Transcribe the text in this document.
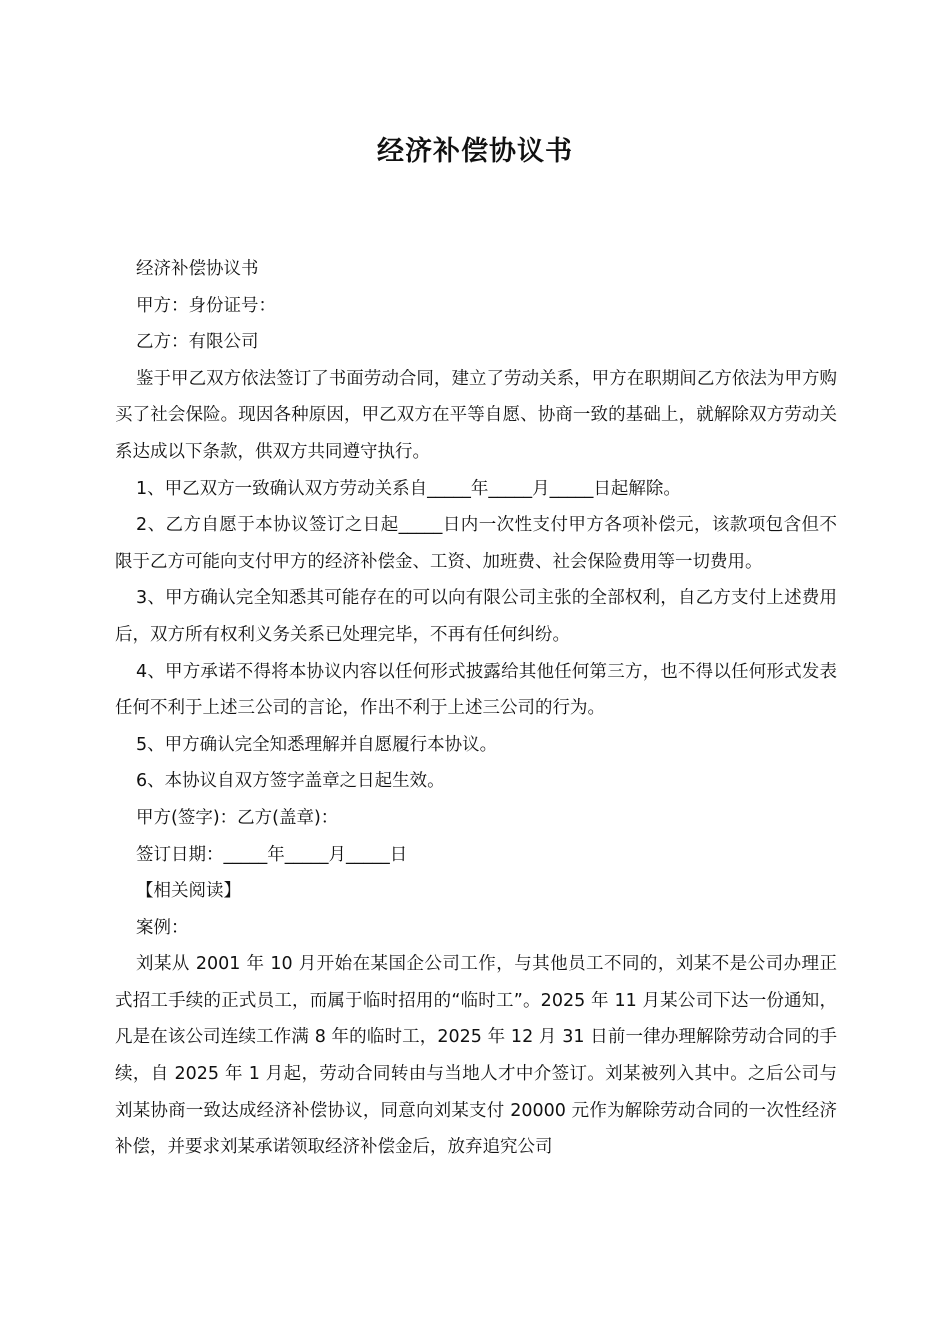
经济补偿协议书

经济补偿协议书

甲方：身份证号：

乙方：有限公司

鉴于甲乙双方依法签订了书面劳动合同，建立了劳动关系，甲方在职期间乙方依法为甲方购买了社会保险。现因各种原因，甲乙双方在平等自愿、协商一致的基础上，就解除双方劳动关系达成以下条款，供双方共同遵守执行。

1、甲乙双方一致确认双方劳动关系自_____年_____月_____日起解除。

2、乙方自愿于本协议签订之日起_____日内一次性支付甲方各项补偿元，该款项包含但不限于乙方可能向支付甲方的经济补偿金、工资、加班费、社会保险费用等一切费用。

3、甲方确认完全知悉其可能存在的可以向有限公司主张的全部权利，自乙方支付上述费用后，双方所有权利义务关系已处理完毕，不再有任何纠纷。

4、甲方承诺不得将本协议内容以任何形式披露给其他任何第三方，也不得以任何形式发表任何不利于上述三公司的言论，作出不利于上述三公司的行为。

5、甲方确认完全知悉理解并自愿履行本协议。

6、本协议自双方签字盖章之日起生效。

甲方(签字)：乙方(盖章)：

签订日期：_____年_____月_____日

【相关阅读】

案例：

刘某从 2001 年 10 月开始在某国企公司工作，与其他员工不同的，刘某不是公司办理正式招工手续的正式员工，而属于临时招用的“临时工”。2025 年 11 月某公司下达一份通知，凡是在该公司连续工作满 8 年的临时工，2025 年 12 月 31 日前一律办理解除劳动合同的手续，自 2025 年 1 月起，劳动合同转由与当地人才中介签订。刘某被列入其中。之后公司与刘某协商一致达成经济补偿协议，同意向刘某支付 20000 元作为解除劳动合同的一次性经济补偿，并要求刘某承诺领取经济补偿金后，放弃追究公司
